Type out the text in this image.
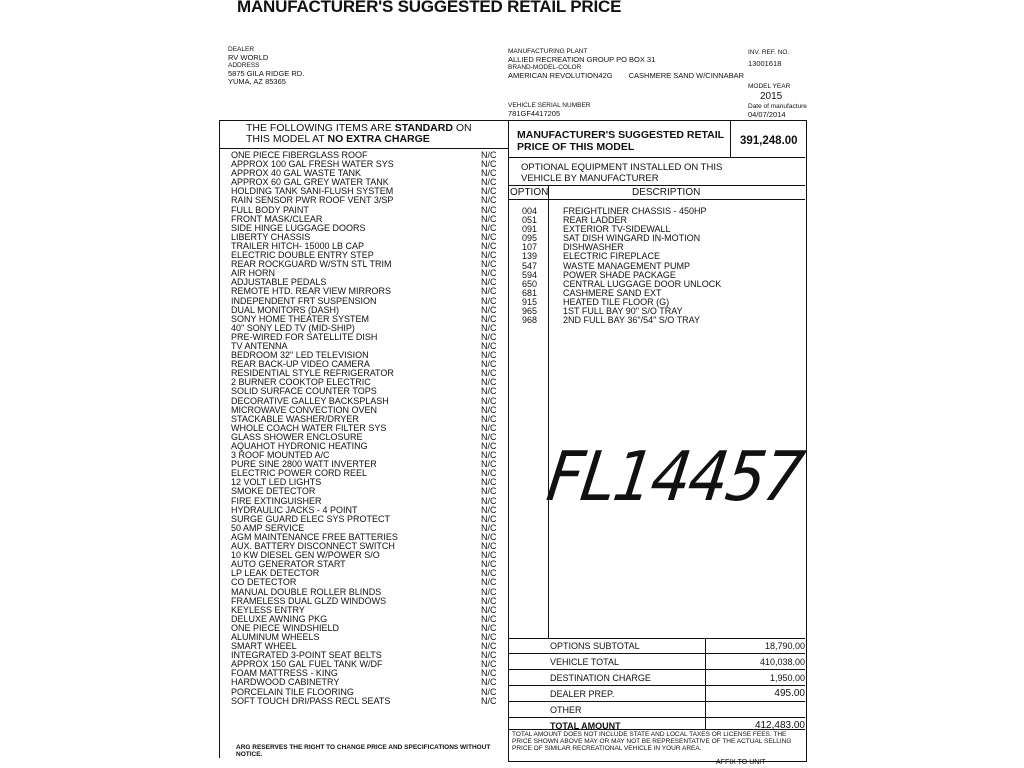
MANUFACTURER'S SUGGESTED RETAIL PRICE
DEALER
RV WORLD
ADDRESS
5875 GILA RIDGE RD.
YUMA, AZ 85365
MANUFACTURING PLANT
ALLIED RECREATION GROUP PO BOX 31
BRAND-MODEL-COLOR
AMERICAN REVOLUTION42G CASHMERE SAND W/CINNABAR
VEHICLE SERIAL NUMBER
781GF4417205
INV. REF. NO.
13001618
MODEL YEAR
2015
Date of manufacture
04/07/2014
THE FOLLOWING ITEMS ARE STANDARD ON
THIS MODEL AT NO EXTRA CHARGE
ONE PIECE FIBERGLASS ROOF	N/C
APPROX 100 GAL FRESH WATER SYS	N/C
APPROX 40 GAL WASTE TANK	N/C
APPROX 60 GAL GREY WATER TANK	N/C
HOLDING TANK SANI-FLUSH SYSTEM	N/C
RAIN SENSOR PWR ROOF VENT 3/SP	N/C
FULL BODY PAINT	N/C
FRONT MASK/CLEAR	N/C
SIDE HINGE LUGGAGE DOORS	N/C
LIBERTY CHASSIS	N/C
TRAILER HITCH- 15000 LB CAP	N/C
ELECTRIC DOUBLE ENTRY STEP	N/C
REAR ROCKGUARD W/STN STL TRIM	N/C
AIR HORN	N/C
ADJUSTABLE PEDALS	N/C
REMOTE HTD. REAR VIEW MIRRORS	N/C
INDEPENDENT FRT SUSPENSION	N/C
DUAL MONITORS (DASH)	N/C
SONY HOME THEATER SYSTEM	N/C
40" SONY LED TV (MID-SHIP)	N/C
PRE-WIRED FOR SATELLITE DISH	N/C
TV ANTENNA	N/C
BEDROOM 32" LED TELEVISION	N/C
REAR BACK-UP VIDEO CAMERA	N/C
RESIDENTIAL STYLE REFRIGERATOR	N/C
2 BURNER COOKTOP ELECTRIC	N/C
SOLID SURFACE COUNTER TOPS	N/C
DECORATIVE GALLEY BACKSPLASH	N/C
MICROWAVE CONVECTION OVEN	N/C
STACKABLE WASHER/DRYER	N/C
WHOLE COACH WATER FILTER SYS	N/C
GLASS SHOWER ENCLOSURE	N/C
AQUAHOT HYDRONIC HEATING	N/C
3 ROOF MOUNTED A/C	N/C
PURE SINE 2800 WATT INVERTER	N/C
ELECTRIC POWER CORD REEL	N/C
12 VOLT LED LIGHTS	N/C
SMOKE DETECTOR	N/C
FIRE EXTINGUISHER	N/C
HYDRAULIC JACKS - 4 POINT	N/C
SURGE GUARD ELEC SYS PROTECT	N/C
50 AMP SERVICE	N/C
AGM MAINTENANCE FREE BATTERIES	N/C
AUX. BATTERY DISCONNECT SWITCH	N/C
10 KW DIESEL GEN W/POWER S/O	N/C
AUTO GENERATOR START	N/C
LP LEAK DETECTOR	N/C
CO DETECTOR	N/C
MANUAL DOUBLE ROLLER BLINDS	N/C
FRAMELESS DUAL GLZD WINDOWS	N/C
KEYLESS ENTRY	N/C
DELUXE AWNING PKG	N/C
ONE PIECE WINDSHIELD	N/C
ALUMINUM WHEELS	N/C
SMART WHEEL	N/C
INTEGRATED 3-POINT SEAT BELTS	N/C
APPROX 150 GAL FUEL TANK W/DF	N/C
FOAM MATTRESS - KING	N/C
HARDWOOD CABINETRY	N/C
PORCELAIN TILE FLOORING	N/C
SOFT TOUCH DRI/PASS RECL SEATS	N/C
ARG RESERVES THE RIGHT TO CHANGE PRICE AND SPECIFICATIONS WITHOUT NOTICE.
MANUFACTURER'S SUGGESTED RETAIL
PRICE OF THIS MODEL	391,248.00
OPTIONAL EQUIPMENT INSTALLED ON THIS
VEHICLE BY MANUFACTURER
OPTION	DESCRIPTION
004	FREIGHTLINER CHASSIS - 450HP
051	REAR LADDER
091	EXTERIOR TV-SIDEWALL
095	SAT DISH WINGARD IN-MOTION
107	DISHWASHER
139	ELECTRIC FIREPLACE
547	WASTE MANAGEMENT PUMP
594	POWER SHADE PACKAGE
650	CENTRAL LUGGAGE DOOR UNLOCK
681	CASHMERE SAND EXT
915	HEATED TILE FLOOR (G)
965	1ST FULL BAY 90" S/O TRAY
968	2ND FULL BAY 36"/54" S/O TRAY
FL14457
OPTIONS SUBTOTAL	18,790.00
VEHICLE TOTAL	410,038.00
DESTINATION CHARGE	1,950.00
DEALER PREP.	495.00
OTHER
TOTAL AMOUNT	412,483.00
TOTAL AMOUNT DOES NOT INCLUDE STATE AND LOCAL TAXES OR LICENSE FEES. THE PRICE SHOWN ABOVE MAY OR MAY NOT BE REPRESENTATIVE OF THE ACTUAL SELLING PRICE OF SIMILAR RECREATIONAL VEHICLE IN YOUR AREA.
AFFIX TO UNIT
